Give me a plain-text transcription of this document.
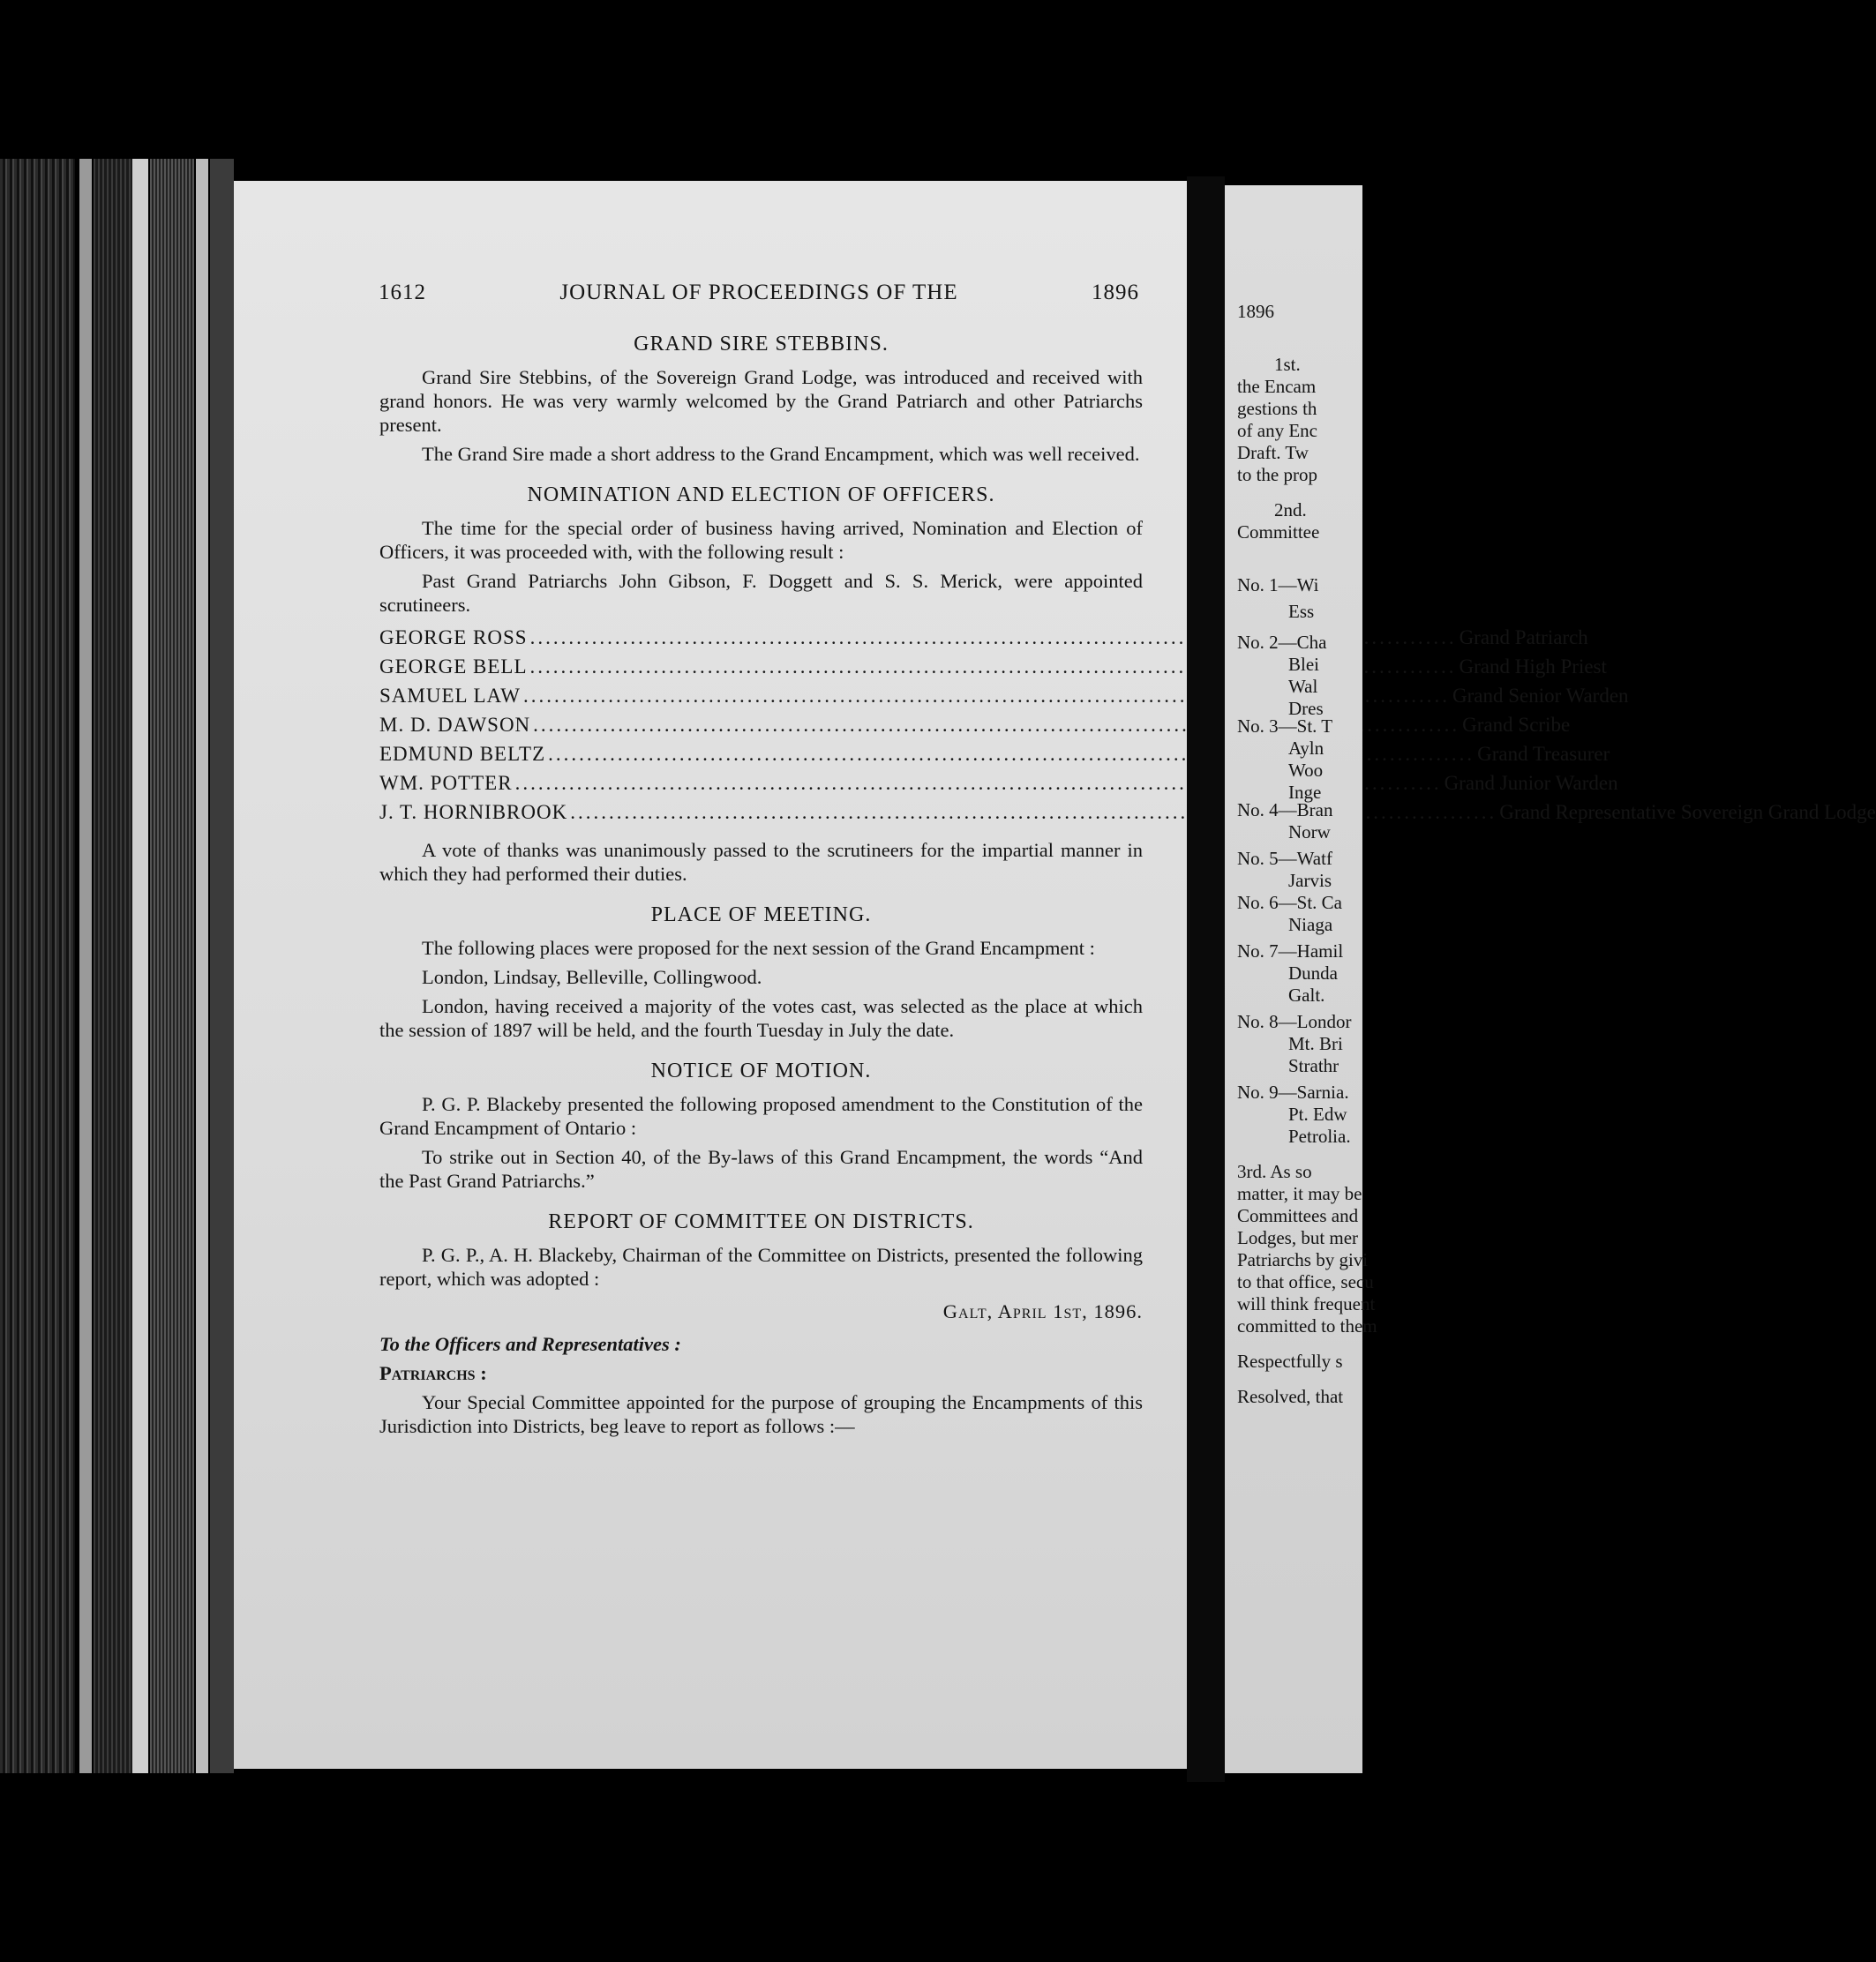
1612	JOURNAL OF PROCEEDINGS OF THE	1896
GRAND SIRE STEBBINS.

Grand Sire Stebbins, of the Sovereign Grand Lodge, was introduced and received with grand honors. He was very warmly welcomed by the Grand Patriarch and other Patriarchs present.

The Grand Sire made a short address to the Grand Encampment, which was well received.

NOMINATION AND ELECTION OF OFFICERS.

The time for the special order of business having arrived, Nomination and Election of Officers, it was proceeded with, with the following result :

Past Grand Patriarchs John Gibson, F. Doggett and S. S. Merick, were appointed scrutineers.

GEORGE ROSS .....	Grand Patriarch
GEORGE BELL .....	Grand High Priest
SAMUEL LAW .....	Grand Senior Warden
M. D. DAWSON .....	Grand Scribe
EDMUND BELTZ .....	Grand Treasurer
WM. POTTER .....	Grand Junior Warden
J. T. HORNIBROOK .....	Grand Representative Sovereign Grand Lodge

A vote of thanks was unanimously passed to the scrutineers for the impartial manner in which they had performed their duties.

PLACE OF MEETING.

The following places were proposed for the next session of the Grand Encampment :

London, Lindsay, Belleville, Collingwood.

London, having received a majority of the votes cast, was selected as the place at which the session of 1897 will be held, and the fourth Tuesday in July the date.

NOTICE OF MOTION.

P. G. P. Blackeby presented the following proposed amendment to the Constitution of the Grand Encampment of Ontario :

To strike out in Section 40, of the By-laws of this Grand Encampment, the words “And the Past Grand Patriarchs.”

REPORT OF COMMITTEE ON DISTRICTS.

P. G. P., A. H. Blackeby, Chairman of the Committee on Districts, presented the following report, which was adopted :

Galt, April 1st, 1896.
To the Officers and Representatives :
Patriarchs :

Your Special Committee appointed for the purpose of grouping the Encampments of this Jurisdiction into Districts, beg leave to report as follows :—

1896
1st.
the Encam
gestions th
of any Enc
Draft. Tw
to the prop
2nd.
Committee
No. 1—Wi
Ess
No. 2—Cha
Blei
Wal
Dres
No. 3—St. T
Ayln
Woo
Inge
No. 4—Bran
Norw
No. 5—Watf
Jarvis
No. 6—St. Ca
Niaga
No. 7—Hamil
Dunda
Galt.
No. 8—Londor
Mt. Bri
Strathr
No. 9—Sarnia.
Pt. Edw
Petrolia.
3rd. As so
matter, it may be
Committees and
Lodges, but mer
Patriarchs by givi
to that office, secu
will think frequent
committed to them
Respectfully s
Resolved, that
